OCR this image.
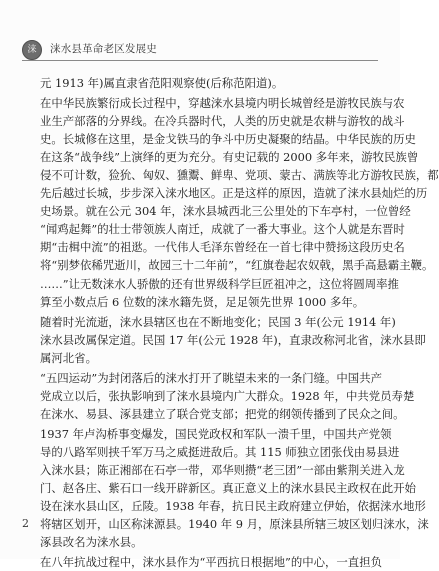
涞	涞水县革命老区发展史
元 1913 年)属直隶省范阳观察使(后称范阳道)。
在中华民族繁衍成长过程中，穿越涞水县境内明长城曾经是游牧民族与农
业生产部落的分界线。在冷兵器时代，人类的历史就是农耕与游牧的战斗
史。长城修在这里，是金戈铁马的争斗中历史凝聚的结晶。中华民族的历史
在这条“战争线”上演绎的更为充分。有史记载的 2000 多年来，游牧民族曾
侵不可计数，猃狁、匈奴、獯鬻、鲜卑、党项、蒙古、满族等北方游牧民族，都
先后越过长城，步步深入涞水地区。正是这样的原因，造就了涞水县灿烂的历
史场景。就在公元 304 年，涞水县城西北三公里处的下车亭村，一位曾经
“闻鸡起舞”的壮士带领族人南迁，成就了一番大事业。这个人就是东晋时
期“击楫中流”的祖逖。一代伟人毛泽东曾经在一首七律中赞扬这段历史名
将“别梦依稀咒逝川，故园三十二年前”，“红旗卷起农奴戟，黑手高悬霸主鞭。
……”让无数涞水人骄傲的还有世界级科学巨匠祖冲之，这位将圆周率推
算至小数点后 6 位数的涞水籍先贤，足足领先世界 1000 多年。
随着时光流逝，涞水县辖区也在不断地变化；民国 3 年(公元 1914 年)
涞水县改属保定道。民国 17 年(公元 1928 年)，直隶改称河北省，涞水县即
属河北省。
“五四运动”为封闭落后的涞水打开了眺望未来的一条门缝。中国共产
党成立以后，张执影响到了涞水县境内广大群众。1928 年，中共党员寿楚
在涞水、易县、涿县建立了联合党支部；把党的纲领传播到了民众之间。
1937 年卢沟桥事变爆发，国民党政权和军队一溃千里，中国共产党领
导的八路军则挟千军万马之威挺进敌后。其 115 师独立团张伐由易县进
入涞水县；陈正湘部在石亭一带，邓华则攒“老三团”一部由紫荆关进入龙
门、赵各庄、紫石口一线开辟新区。真正意义上的涞水县民主政权在此开始
设在涞水县山区，丘陵。1938 年春，抗日民主政府建立伊始，依据涞水地形
将辖区划开，山区称涞源县。1940 年 9 月，原涞县所辖三坡区划归涞水，涞
涿县改名为涞水县。
在八年抗战过程中，涞水县作为“平西抗日根据地”的中心，一直担负
2
